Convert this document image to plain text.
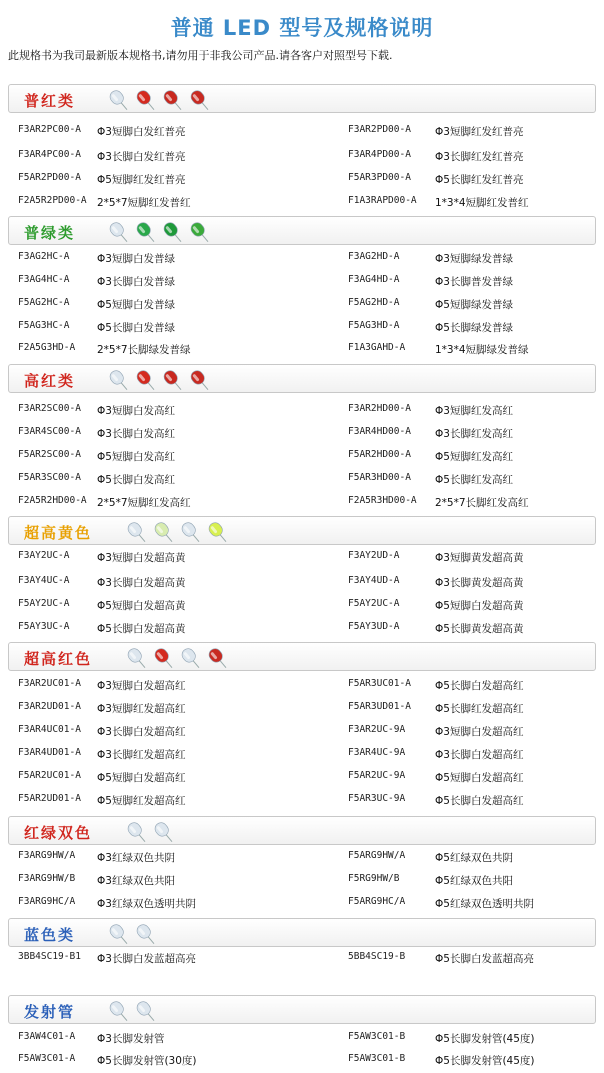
普通 LED 型号及规格说明
此规格书为我司最新版本规格书,请勿用于非我公司产品.请各客户对照型号下载.
普红类
F3AR2PC00-A Φ3短脚白发红普亮	F3AR2PD00-A Φ3短脚红发红普亮
F3AR4PC00-A Φ3长脚白发红普亮	F3AR4PD00-A Φ3长脚红发红普亮
F5AR2PD00-A Φ5短脚红发红普亮	F5AR3PD00-A Φ5长脚红发红普亮
F2A5R2PD00-A 2*5*7短脚红发普红	F1A3RAPD00-A 1*3*4短脚红发普红
普绿类
F3AG2HC-A	Φ3短脚白发普绿	F3AG2HD-A	Φ3短脚绿发普绿
F3AG4HC-A	Φ3长脚白发普绿	F3AG4HD-A	Φ3长脚普发普绿
F5AG2HC-A	Φ5短脚白发普绿	F5AG2HD-A	Φ5短脚绿发普绿
F5AG3HC-A	Φ5长脚白发普绿	F5AG3HD-A	Φ5长脚绿发普绿
F2A5G3HD-A 2*5*7长脚绿发普绿	F1A3GAHD-A	1*3*4短脚绿发普绿
高红类
F3AR2SC00-A Φ3短脚白发高红	F3AR2HD00-A Φ3短脚红发高红
F3AR4SC00-A Φ3长脚白发高红	F3AR4HD00-A Φ3长脚红发高红
F5AR2SC00-A Φ5短脚白发高红	F5AR2HD00-A Φ5短脚红发高红
F5AR3SC00-A Φ5长脚白发高红	F5AR3HD00-A Φ5长脚红发高红
F2A5R2HD00-A 2*5*7短脚红发高红	F2A5R3HD00-A 2*5*7长脚红发高红
超高黄色
F3AY2UC-A	Φ3短脚白发超高黄	F3AY2UD-A	Φ3短脚黄发超高黄
F3AY4UC-A	Φ3长脚白发超高黄	F3AY4UD-A	Φ3长脚黄发超高黄
F5AY2UC-A	Φ5短脚白发超高黄	F5AY2UC-A	Φ5短脚白发超高黄
F5AY3UC-A	Φ5长脚白发超高黄	F5AY3UD-A	Φ5长脚黄发超高黄
超高红色
F3AR2UC01-A Φ3短脚白发超高红	F5AR3UC01-A Φ5长脚白发超高红
F3AR2UD01-A Φ3短脚红发超高红	F5AR3UD01-A Φ5长脚红发超高红
F3AR4UC01-A Φ3长脚白发超高红	F3AR2UC-9A	Φ3短脚白发超高红
F3AR4UD01-A Φ3长脚红发超高红	F3AR4UC-9A	Φ3长脚白发超高红
F5AR2UC01-A Φ5短脚白发超高红	F5AR2UC-9A	Φ5短脚白发超高红
F5AR2UD01-A Φ5短脚红发超高红	F5AR3UC-9A	Φ5长脚白发超高红
红绿双色
F3ARG9HW/A Φ3红绿双色共阴	F5ARG9HW/A	Φ5红绿双色共阴
F3ARG9HW/B Φ3红绿双色共阳	F5RG9HW/B	Φ5红绿双色共阳
F3ARG9HC/A Φ3红绿双色透明共阴	F5ARG9HC/A	Φ5红绿双色透明共阴
蓝色类
3BB4SC19-B1 Φ3长脚白发蓝超高亮	5BB4SC19-B	Φ5长脚白发蓝超高亮
发射管
F3AW4C01-A Φ3长脚发射管	F5AW3C01-B	Φ5长脚发射管(45度)
F5AW3C01-A Φ5长脚发射管(30度)	F5AW3C01-B	Φ5长脚发射管(45度)
